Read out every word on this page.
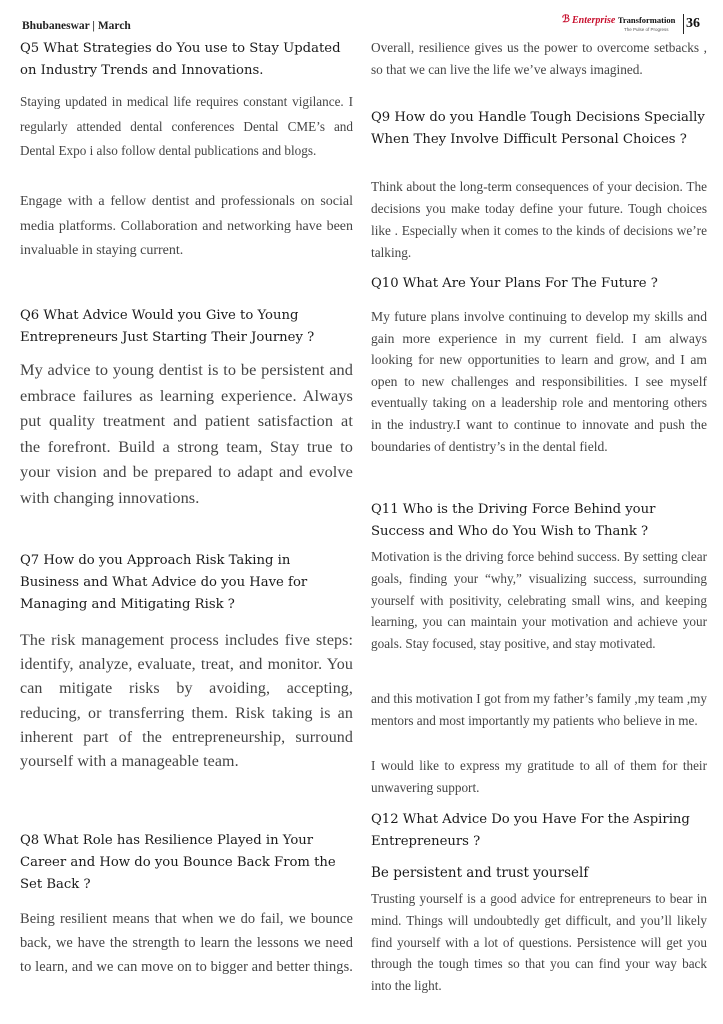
Bhubaneswar | March
ℬ Enterprise Transformation
The Pulse of Progress 36
Q5 What Strategies do You use to Stay Updated on Industry Trends and Innovations.
Staying updated in medical life requires constant vigilance. I regularly attended dental conferences Dental CME’s and Dental Expo i also follow dental publications and blogs.
Engage with a fellow dentist and professionals on social media platforms. Collaboration and networking have been invaluable in staying current.
Q6 What Advice Would you Give to Young Entrepreneurs Just Starting Their Journey ?
My advice to young dentist is to be persistent and embrace failures as learning experience. Always put quality treatment and patient satisfaction at the forefront. Build a strong team, Stay true to your vision and be prepared to adapt and evolve with changing innovations.
Q7 How do you Approach Risk Taking in Business and What Advice do you Have for Managing and Mitigating Risk ?
The risk management process includes five steps: identify, analyze, evaluate, treat, and monitor. You can mitigate risks by avoiding, accepting, reducing, or transferring them. Risk taking is an inherent part of the entrepreneurship, surround yourself with a manageable team.
Q8 What Role has Resilience Played in Your Career and How do you Bounce Back From the Set Back ?
Being resilient means that when we do fail, we bounce back, we have the strength to learn the lessons we need to learn, and we can move on to bigger and better things.
Overall, resilience gives us the power to overcome setbacks , so that we can live the life we’ve always imagined.
Q9 How do you Handle Tough Decisions Specially When They Involve Difficult Personal Choices ?
Think about the long-term consequences of your decision. The decisions you make today define your future. Tough choices like . Especially when it comes to the kinds of decisions we’re talking.
Q10 What Are Your Plans For The Future ?
My future plans involve continuing to develop my skills and gain more experience in my current field. I am always looking for new opportunities to learn and grow, and I am open to new challenges and responsibilities. I see myself eventually taking on a leadership role and mentoring others in the industry.I want to continue to innovate and push the boundaries of dentistry’s in the dental field.
Q11 Who is the Driving Force Behind your Success and Who do You Wish to Thank ?
Motivation is the driving force behind success. By setting clear goals, finding your “why,” visualizing success, surrounding yourself with positivity, celebrating small wins, and keeping learning, you can maintain your motivation and achieve your goals. Stay focused, stay positive, and stay motivated.
and this motivation I got from my father’s family ,my team ,my mentors and most importantly my patients who believe in me.
I would like to express my gratitude to all of them for their unwavering support.
Q12 What Advice Do you Have For the Aspiring Entrepreneurs ?
Be persistent and trust yourself
Trusting yourself is a good advice for entrepreneurs to bear in mind. Things will undoubtedly get difficult, and you’ll likely find yourself with a lot of questions. Persistence will get you through the tough times so that you can find your way back into the light.
